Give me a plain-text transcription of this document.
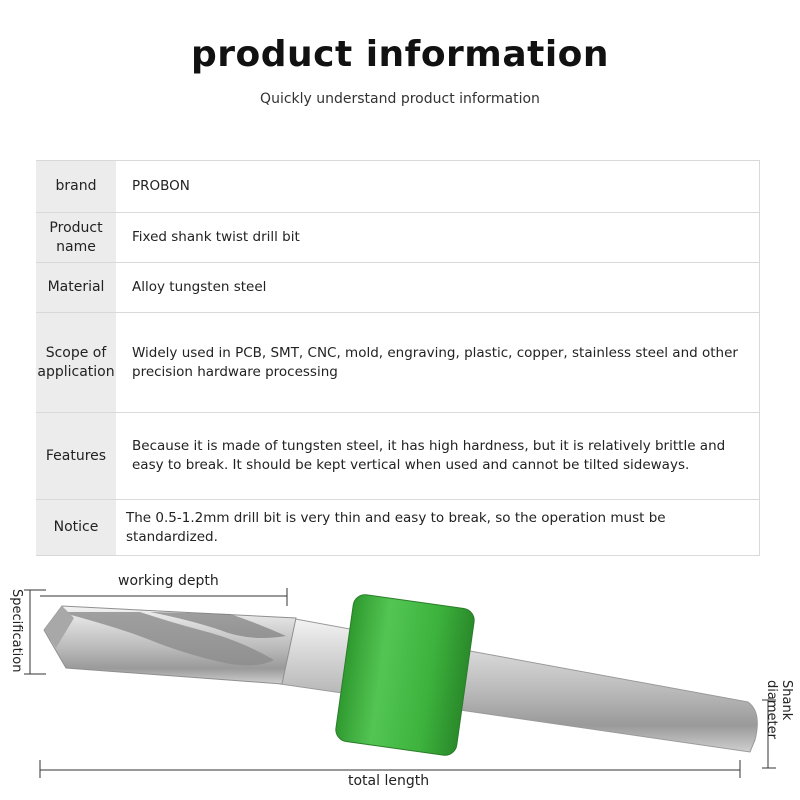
product information
Quickly understand product information
brand	PROBON
Product name
Fixed shank twist drill bit
Material	Alloy tungsten steel
Scope of application
Widely used in PCB, SMT, CNC, mold, engraving, plastic, copper, stainless steel and other precision hardware processing
Features
Because it is made of tungsten steel, it has high hardness, but it is relatively brittle and easy to break. It should be kept vertical when used and cannot be tilted sideways.
Notice
The 0.5-1.2mm drill bit is very thin and easy to break, so the operation must be standardized.
working depth
Specification
Shank diameter
total length
